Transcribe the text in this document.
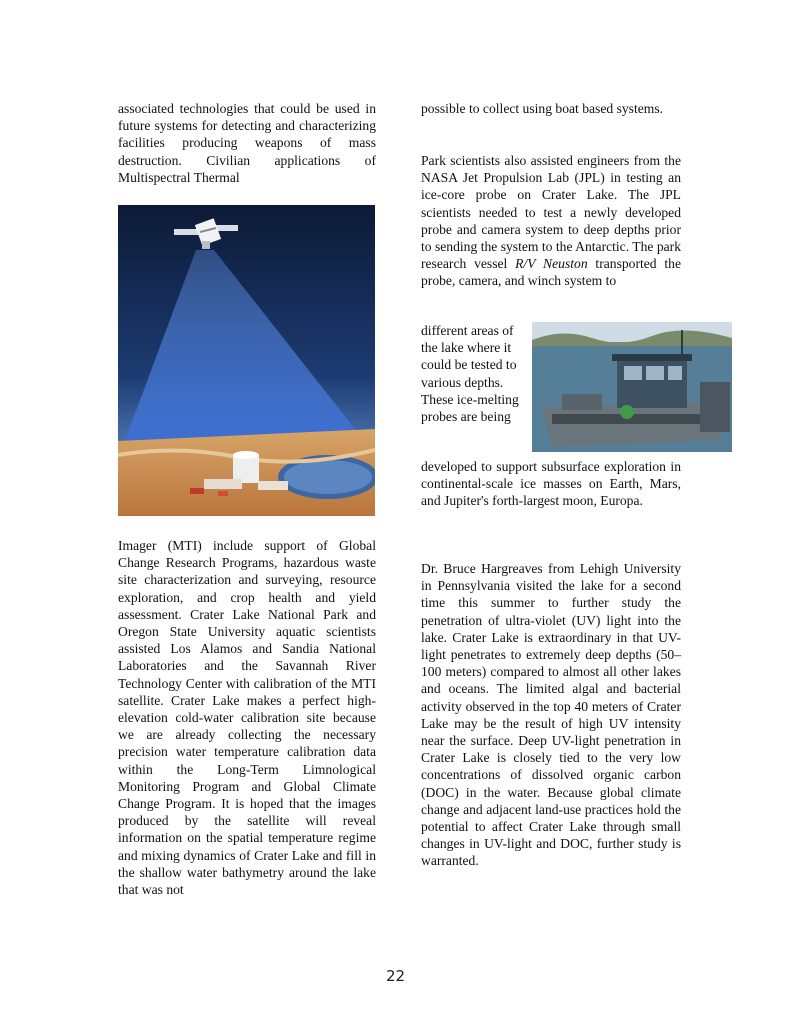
associated technologies that could be used in future systems for detecting and characterizing facilities producing weapons of mass destruction. Civilian applications of Multispectral Thermal

Imager (MTI) include support of Global Change Research Programs, hazardous waste site characterization and surveying, resource exploration, and crop health and yield assessment. Crater Lake National Park and Oregon State University aquatic scientists assisted Los Alamos and Sandia National Laboratories and the Savannah River Technology Center with calibration of the MTI satellite. Crater Lake makes a perfect high-elevation cold-water calibration site because we are already collecting the necessary precision water temperature calibration data within the Long-Term Limnological Monitoring Program and Global Climate Change Program. It is hoped that the images produced by the satellite will reveal information on the spatial temperature regime and mixing dynamics of Crater Lake and fill in the shallow water bathymetry around the lake that was not

possible to collect using boat based systems.

Park scientists also assisted engineers from the NASA Jet Propulsion Lab (JPL) in testing an ice-core probe on Crater Lake. The JPL scientists needed to test a newly developed probe and camera system to deep depths prior to sending the system to the Antarctic. The park research vessel R/V Neuston transported the probe, camera, and winch system to

different areas of the lake where it could be tested to various depths. These ice-melting probes are being

developed to support subsurface exploration in continental-scale ice masses on Earth, Mars, and Jupiter's forth-largest moon, Europa.

Dr. Bruce Hargreaves from Lehigh University in Pennsylvania visited the lake for a second time this summer to further study the penetration of ultra-violet (UV) light into the lake. Crater Lake is extraordinary in that UV-light penetrates to extremely deep depths (50–100 meters) compared to almost all other lakes and oceans. The limited algal and bacterial activity observed in the top 40 meters of Crater Lake may be the result of high UV intensity near the surface. Deep UV-light penetration in Crater Lake is closely tied to the very low concentrations of dissolved organic carbon (DOC) in the water. Because global climate change and adjacent land-use practices hold the potential to affect Crater Lake through small changes in UV-light and DOC, further study is warranted.

22
